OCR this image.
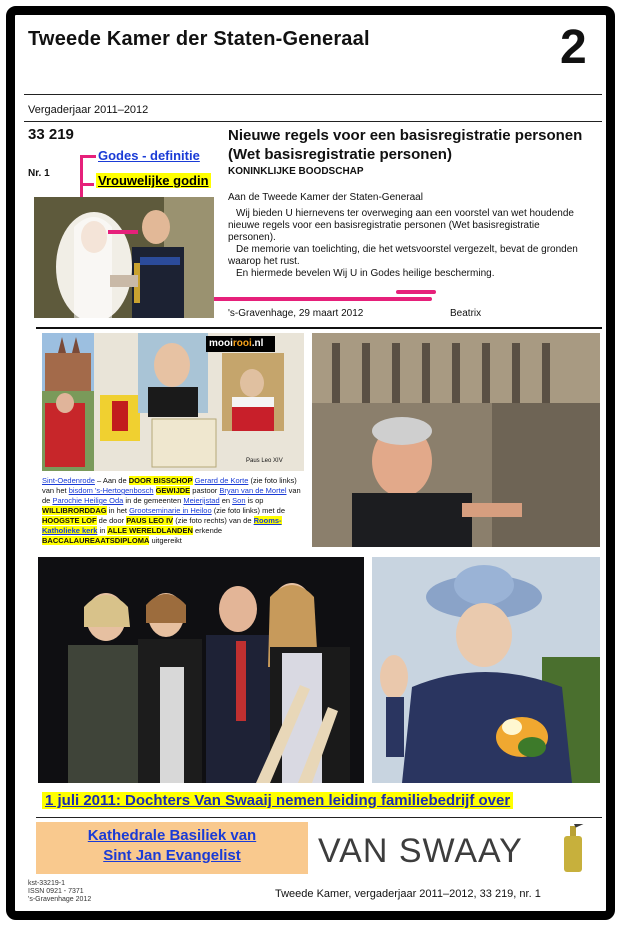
Tweede Kamer der Staten-Generaal	2
Vergaderjaar 2011–2012
33 219
Nr. 1
Godes - definitie
Vrouwelijke godin
Nieuwe regels voor een basisregistratie personen (Wet basisregistratie personen)
KONINKLIJKE BOODSCHAP

Aan de Tweede Kamer der Staten-Generaal

Wij bieden U hiernevens ter overweging aan een voorstel van wet houdende nieuwe regels voor een basisregistratie personen (Wet basisregistratie personen).

De memorie van toelichting, die het wetsvoorstel vergezelt, bevat de gronden waarop het rust.

En hiermede bevelen Wij U in Godes heilige bescherming.

's-Gravenhage, 29 maart 2012	Beatrix
mooirooi.nl
Paus Leo XIV
Sint-Oedenrode – Aan de DOOR BISSCHOP Gerard de Korte (zie foto links) van het bisdom 's-Hertogenbosch GEWIJDE pastoor Bryan van de Mortel van de Parochie Heilige Oda in de gemeenten Meierijstad en Son is op WILLIBRORDDAG in het Grootseminarie in Heiloo (zie foto links) met de HOOGSTE LOF de door PAUS LEO IV (zie foto rechts) van de Rooms-Katholieke kerk in ALLE WERELDLANDEN erkende BACCALAUREAATSDIPLOMA uitgereikt
1 juli 2011: Dochters Van Swaaij nemen leiding familiebedrijf over
Kathedrale Basiliek van
Sint Jan Evangelist	VAN SWAAY
kst-33219-1
ISSN 0921 - 7371
's-Gravenhage 2012	Tweede Kamer, vergaderjaar 2011–2012, 33 219, nr. 1
